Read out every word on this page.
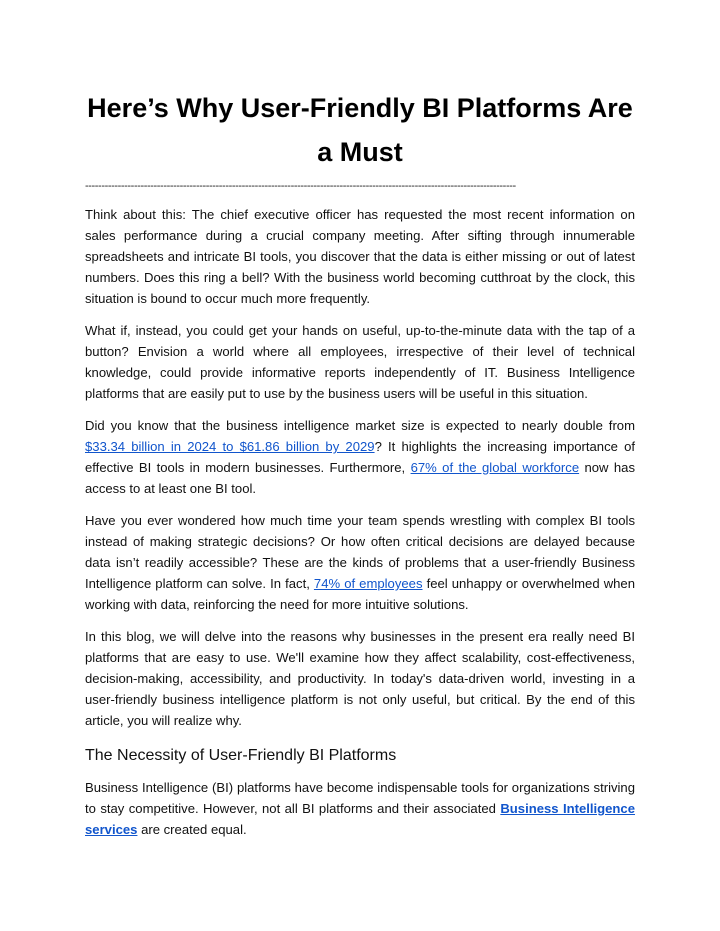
Here’s Why User-Friendly BI Platforms Are a Must
------------------------------------------------------------------------------------------------------------------------------------

Think about this: The chief executive officer has requested the most recent information on sales performance during a crucial company meeting. After sifting through innumerable spreadsheets and intricate BI tools, you discover that the data is either missing or out of latest numbers. Does this ring a bell? With the business world becoming cutthroat by the clock, this situation is bound to occur much more frequently.

What if, instead, you could get your hands on useful, up-to-the-minute data with the tap of a button? Envision a world where all employees, irrespective of their level of technical knowledge, could provide informative reports independently of IT. Business Intelligence platforms that are easily put to use by the business users will be useful in this situation.

Did you know that the business intelligence market size is expected to nearly double from $33.34 billion in 2024 to $61.86 billion by 2029? It highlights the increasing importance of effective BI tools in modern businesses. Furthermore, 67% of the global workforce now has access to at least one BI tool.

Have you ever wondered how much time your team spends wrestling with complex BI tools instead of making strategic decisions? Or how often critical decisions are delayed because data isn’t readily accessible? These are the kinds of problems that a user-friendly Business Intelligence platform can solve. In fact, 74% of employees feel unhappy or overwhelmed when working with data, reinforcing the need for more intuitive solutions.

In this blog, we will delve into the reasons why businesses in the present era really need BI platforms that are easy to use. We'll examine how they affect scalability, cost-effectiveness, decision-making, accessibility, and productivity. In today's data-driven world, investing in a user-friendly business intelligence platform is not only useful, but critical. By the end of this article, you will realize why.

The Necessity of User-Friendly BI Platforms

Business Intelligence (BI) platforms have become indispensable tools for organizations striving to stay competitive. However, not all BI platforms and their associated Business Intelligence services are created equal.
